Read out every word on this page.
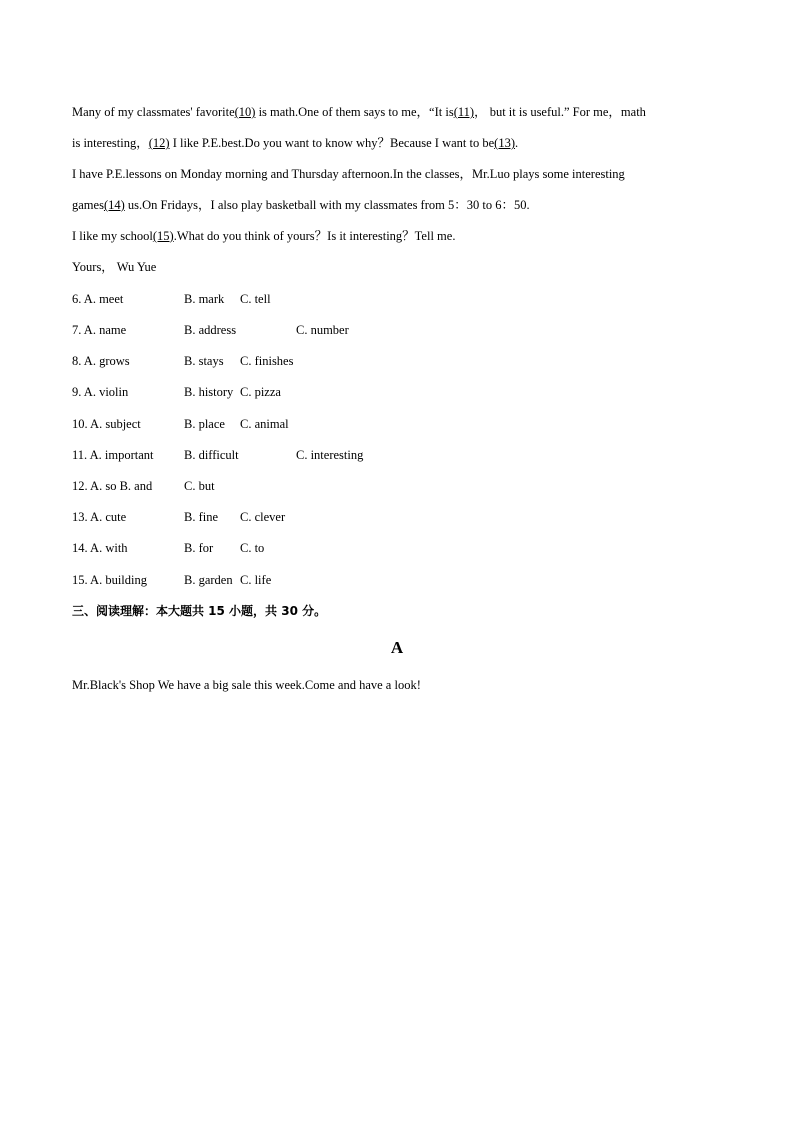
Many of my classmates' favorite(10) is math.One of them says to me，“It is(11)， but it is useful.” For me，math
is interesting，(12) I like P.E.best.Do you want to know why？Because I want to be(13).
I have P.E.lessons on Monday morning and Thursday afternoon.In the classes，Mr.Luo plays some interesting
games(14) us.On Fridays，I also play basketball with my classmates from 5：30 to 6：50.
I like my school(15).What do you think of yours？Is it interesting？Tell me.
Yours， Wu Yue
6. A. meet	B. mark C. tell
7. A. name	B. address	C. number
8. A. grows	B. stays C. finishes
9. A. violin	B. history C. pizza
10. A. subject	B. place C. animal
11. A. important B. difficult	C. interesting
12. A. so B. and	C. but
13. A. cute	B. fine C. clever
14. A. with	B. for C. to
15. A. building	B. garden C. life
三、阅读理解：本大题共 15 小题，共 30 分。
A
Mr.Black's Shop We have a big sale this week.Come and have a look!
